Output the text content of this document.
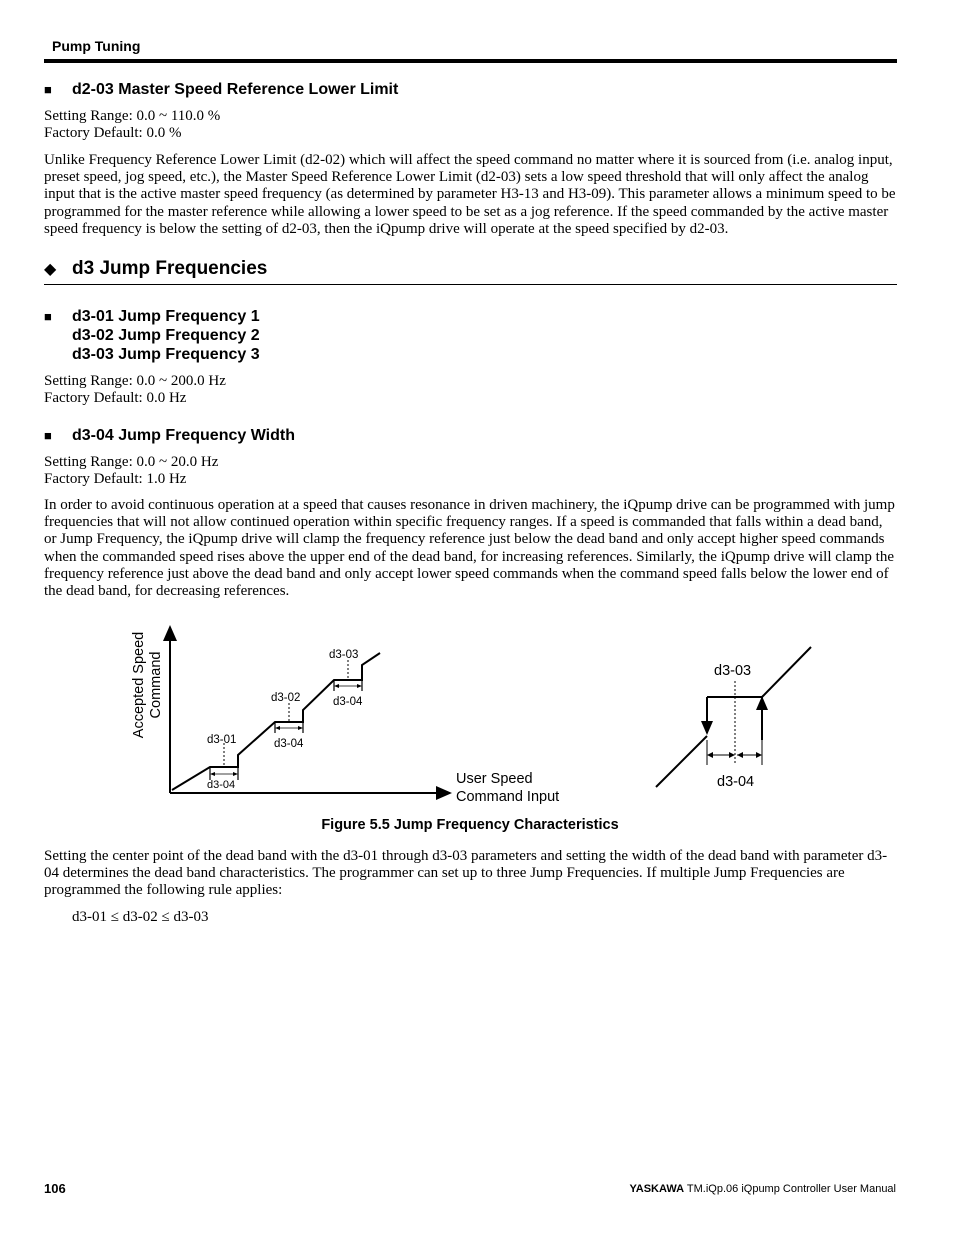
Pump Tuning
■ d2-03 Master Speed Reference Lower Limit

Setting Range: 0.0 ~ 110.0 %

Factory Default: 0.0 %

Unlike Frequency Reference Lower Limit (d2-02) which will affect the speed command no matter where it is sourced from (i.e. analog input, preset speed, jog speed, etc.), the Master Speed Reference Lower Limit (d2-03) sets a low speed threshold that will only affect the analog input that is the active master speed frequency (as determined by parameter H3-13 and H3-09). This parameter allows a minimum speed to be programmed for the master reference while allowing a lower speed to be set as a jog reference. If the speed commanded by the active master speed frequency is below the setting of d2-03, then the iQpump drive will operate at the speed specified by d2-03.

◆ d3 Jump Frequencies
■ d3-01 Jump Frequency 1
d3-02 Jump Frequency 2
d3-03 Jump Frequency 3

Setting Range: 0.0 ~ 200.0 Hz

Factory Default: 0.0 Hz

■ d3-04 Jump Frequency Width

Setting Range: 0.0 ~ 20.0 Hz

Factory Default: 1.0 Hz

In order to avoid continuous operation at a speed that causes resonance in driven machinery, the iQpump drive can be programmed with jump frequencies that will not allow continued operation within specific frequency ranges. If a speed is commanded that falls within a dead band, or Jump Frequency, the iQpump drive will clamp the frequency reference just below the dead band and only accept higher speed commands when the commanded speed rises above the upper end of the dead band, for increasing references. Similarly, the iQpump drive will clamp the frequency reference just above the dead band and only accept lower speed commands when the command speed falls below the lower end of the dead band, for decreasing references.

d3-01
d3-04
d3-02
d3-04
d3-03
d3-04
Accepted Speed Command
User Speed
Command Input
d3-03
d3-04
Figure 5.5 Jump Frequency Characteristics

Setting the center point of the dead band with the d3-01 through d3-03 parameters and setting the width of the dead band with parameter d3-04 determines the dead band characteristics. The programmer can set up to three Jump Frequencies. If multiple Jump Frequencies are programmed the following rule applies:

d3-01 ≤ d3-02 ≤ d3-03

106	YASKAWA TM.iQp.06 iQpump Controller User Manual
